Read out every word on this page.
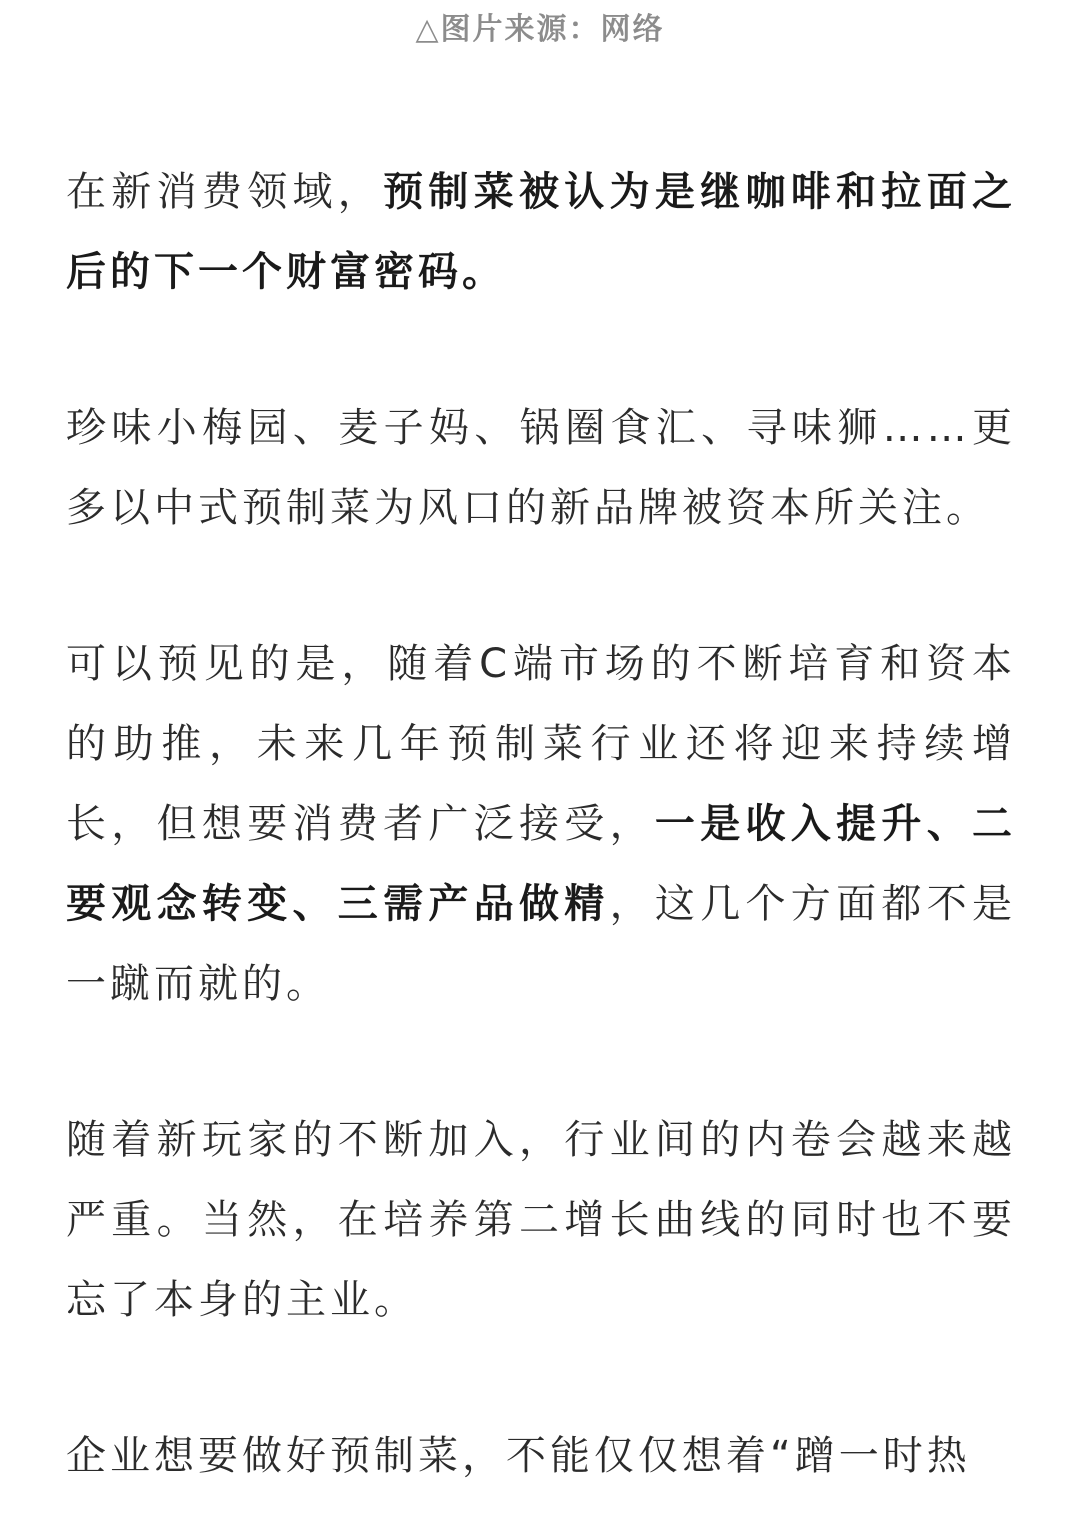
△图片来源：网络

在新消费领域，预制菜被认为是继咖啡和拉面之后的下一个财富密码。

珍味小梅园、麦子妈、锅圈食汇、寻味狮……更多以中式预制菜为风口的新品牌被资本所关注。

可以预见的是，随着C端市场的不断培育和资本的助推，未来几年预制菜行业还将迎来持续增长，但想要消费者广泛接受，一是收入提升、二要观念转变、三需产品做精，这几个方面都不是一蹴而就的。

随着新玩家的不断加入，行业间的内卷会越来越严重。当然，在培养第二增长曲线的同时也不要忘了本身的主业。

企业想要做好预制菜，不能仅仅想着“蹭一时热
